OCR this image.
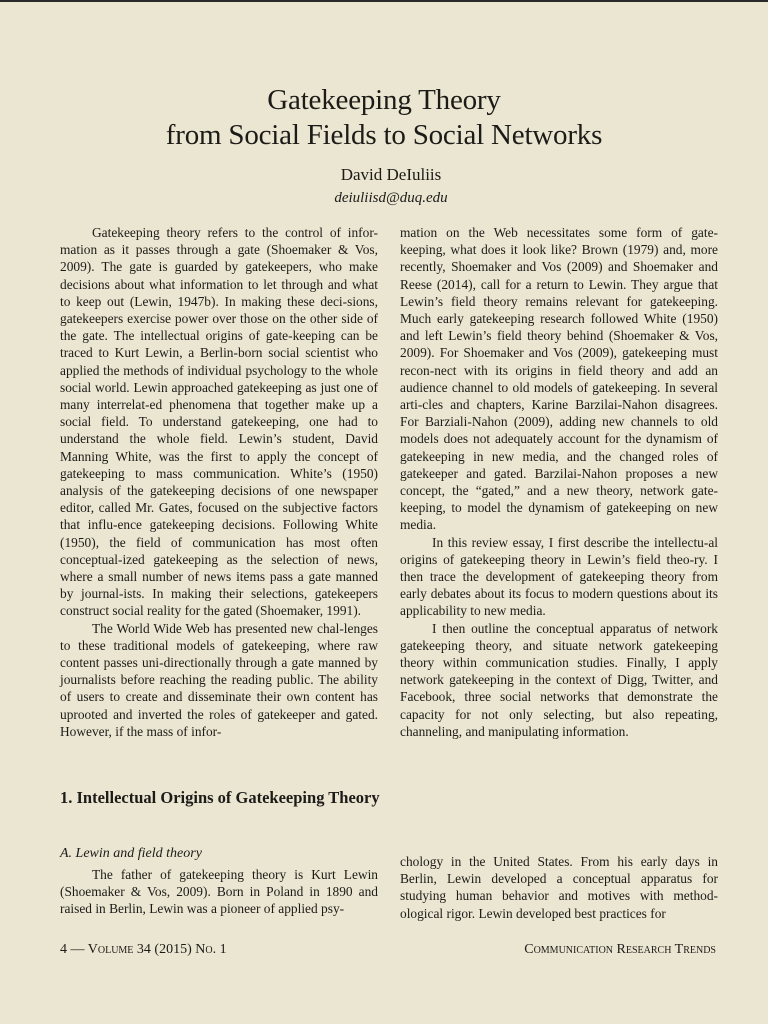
Gatekeeping Theory
from Social Fields to Social Networks
David DeIuliis
deiuliisd@duq.edu

Gatekeeping theory refers to the control of infor-mation as it passes through a gate (Shoemaker & Vos, 2009). The gate is guarded by gatekeepers, who make decisions about what information to let through and what to keep out (Lewin, 1947b). In making these deci-sions, gatekeepers exercise power over those on the other side of the gate. The intellectual origins of gate-keeping can be traced to Kurt Lewin, a Berlin-born social scientist who applied the methods of individual psychology to the whole social world. Lewin approached gatekeeping as just one of many interrelat-ed phenomena that together make up a social field. To understand gatekeeping, one had to understand the whole field. Lewin’s student, David Manning White, was the first to apply the concept of gatekeeping to mass communication. White’s (1950) analysis of the gatekeeping decisions of one newspaper editor, called Mr. Gates, focused on the subjective factors that influ-ence gatekeeping decisions. Following White (1950), the field of communication has most often conceptual-ized gatekeeping as the selection of news, where a small number of news items pass a gate manned by journal-ists. In making their selections, gatekeepers construct social reality for the gated (Shoemaker, 1991).

The World Wide Web has presented new chal-lenges to these traditional models of gatekeeping, where raw content passes uni-directionally through a gate manned by journalists before reaching the reading public. The ability of users to create and disseminate their own content has uprooted and inverted the roles of gatekeeper and gated. However, if the mass of infor-

mation on the Web necessitates some form of gate-keeping, what does it look like? Brown (1979) and, more recently, Shoemaker and Vos (2009) and Shoemaker and Reese (2014), call for a return to Lewin. They argue that Lewin’s field theory remains relevant for gatekeeping. Much early gatekeeping research followed White (1950) and left Lewin’s field theory behind (Shoemaker & Vos, 2009). For Shoemaker and Vos (2009), gatekeeping must recon-nect with its origins in field theory and add an audience channel to old models of gatekeeping. In several arti-cles and chapters, Karine Barzilai-Nahon disagrees. For Barziali-Nahon (2009), adding new channels to old models does not adequately account for the dynamism of gatekeeping in new media, and the changed roles of gatekeeper and gated. Barzilai-Nahon proposes a new concept, the “gated,” and a new theory, network gate-keeping, to model the dynamism of gatekeeping on new media.

In this review essay, I first describe the intellectu-al origins of gatekeeping theory in Lewin’s field theo-ry. I then trace the development of gatekeeping theory from early debates about its focus to modern questions about its applicability to new media.

I then outline the conceptual apparatus of network gatekeeping theory, and situate network gatekeeping theory within communication studies. Finally, I apply network gatekeeping in the context of Digg, Twitter, and Facebook, three social networks that demonstrate the capacity for not only selecting, but also repeating, channeling, and manipulating information.

1. Intellectual Origins of Gatekeeping Theory
A. Lewin and field theory

The father of gatekeeping theory is Kurt Lewin (Shoemaker & Vos, 2009). Born in Poland in 1890 and raised in Berlin, Lewin was a pioneer of applied psy-

chology in the United States. From his early days in Berlin, Lewin developed a conceptual apparatus for studying human behavior and motives with method-ological rigor. Lewin developed best practices for

4 — Volume 34 (2015) No. 1	Communication Research Trends
